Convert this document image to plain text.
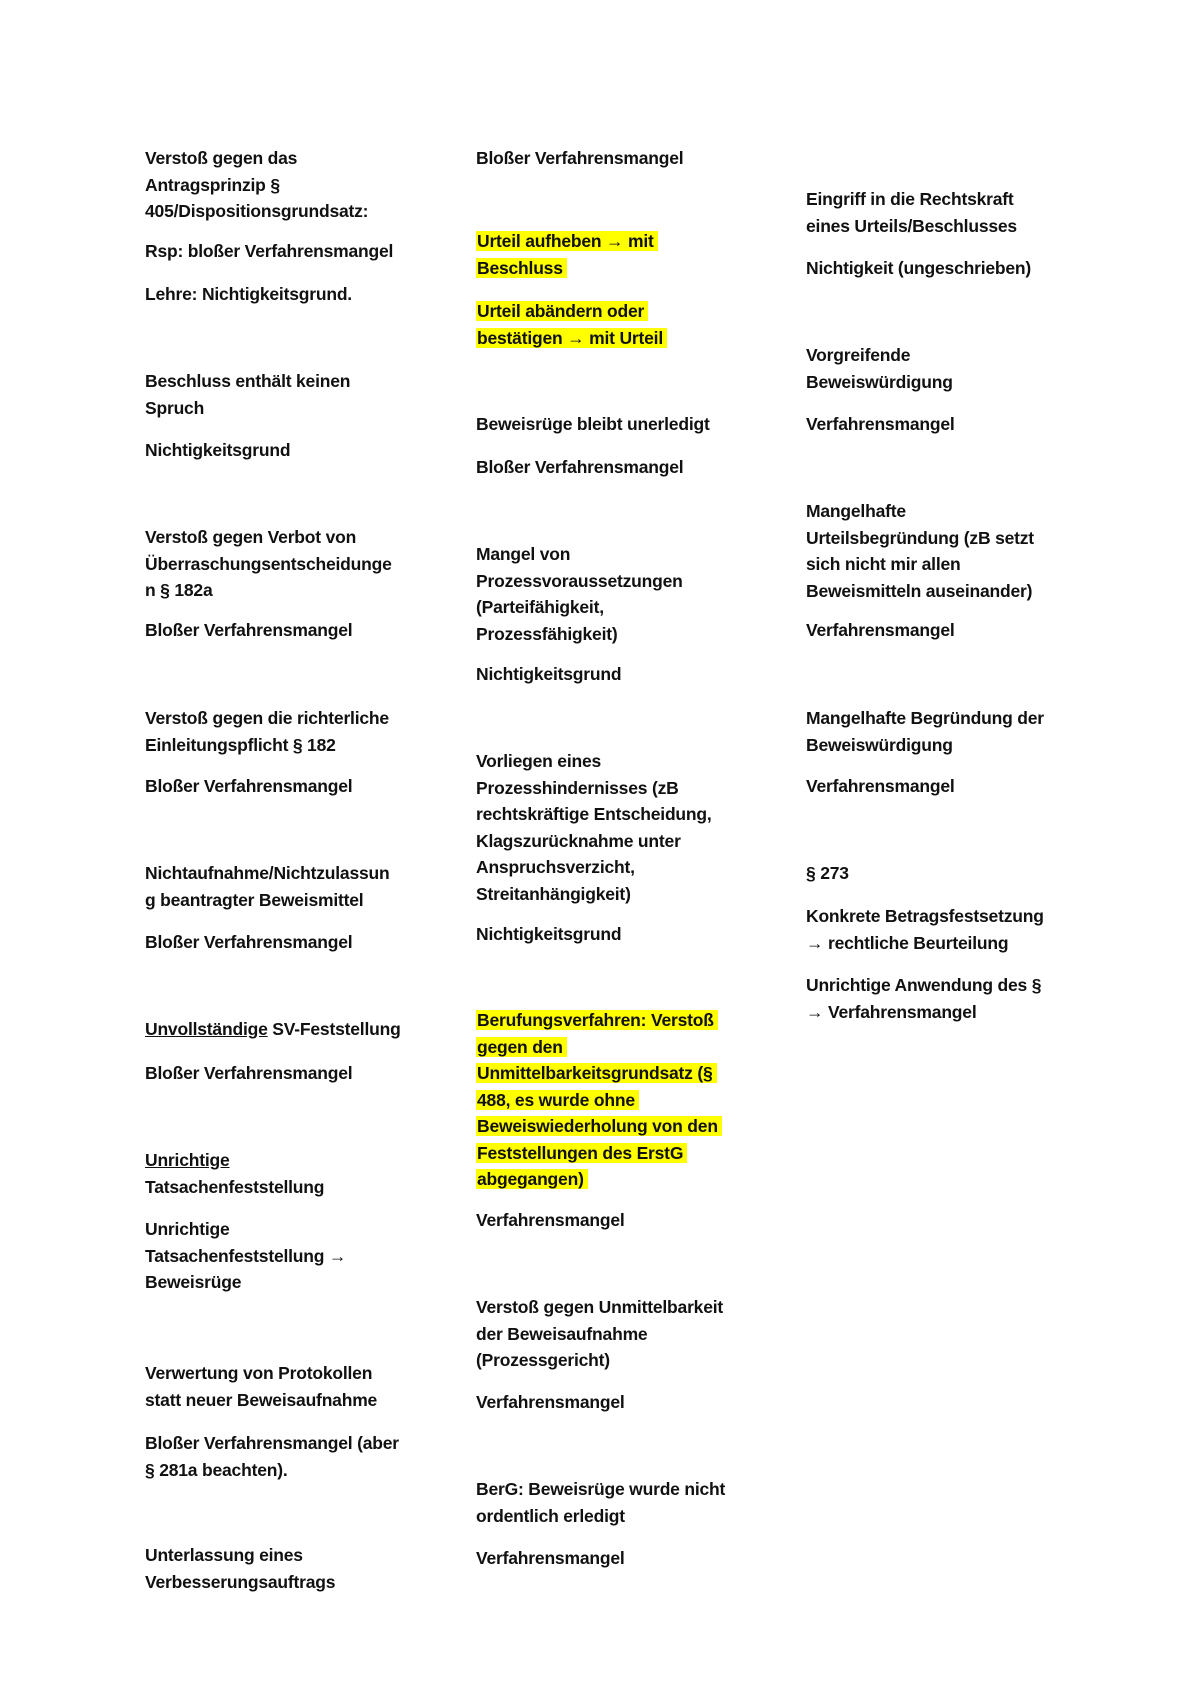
Verstoß gegen das
Antragsprinzip §
405/Dispositionsgrundsatz:

Rsp: bloßer Verfahrensmangel

Lehre: Nichtigkeitsgrund.

Beschluss enthält keinen
Spruch

Nichtigkeitsgrund

Verstoß gegen Verbot von
Überraschungsentscheidunge
n § 182a

Bloßer Verfahrensmangel

Verstoß gegen die richterliche
Einleitungspflicht § 182

Bloßer Verfahrensmangel

Nichtaufnahme/Nichtzulassun
g beantragter Beweismittel

Bloßer Verfahrensmangel

Unvollständige SV-Feststellung

Bloßer Verfahrensmangel

Unrichtige
Tatsachenfeststellung

Unrichtige
Tatsachenfeststellung →
Beweisrüge

Verwertung von Protokollen
statt neuer Beweisaufnahme

Bloßer Verfahrensmangel (aber
§ 281a beachten).

Unterlassung eines
Verbesserungsauftrags

Bloßer Verfahrensmangel

Urteil aufheben → mit
Beschluss

Urteil abändern oder
bestätigen → mit Urteil

Beweisrüge bleibt unerledigt

Bloßer Verfahrensmangel

Mangel von
Prozessvoraussetzungen
(Parteifähigkeit,
Prozessfähigkeit)

Nichtigkeitsgrund

Vorliegen eines
Prozesshindernisses (zB
rechtskräftige Entscheidung,
Klagszurücknahme unter
Anspruchsverzicht,
Streitanhängigkeit)

Nichtigkeitsgrund

Berufungsverfahren: Verstoß
gegen den
Unmittelbarkeitsgrundsatz (§
488, es wurde ohne
Beweiswiederholung von den
Feststellungen des ErstG
abgegangen)

Verfahrensmangel

Verstoß gegen Unmittelbarkeit
der Beweisaufnahme
(Prozessgericht)

Verfahrensmangel

BerG: Beweisrüge wurde nicht
ordentlich erledigt

Verfahrensmangel

Eingriff in die Rechtskraft
eines Urteils/Beschlusses

Nichtigkeit (ungeschrieben)

Vorgreifende
Beweiswürdigung

Verfahrensmangel

Mangelhafte
Urteilsbegründung (zB setzt
sich nicht mir allen
Beweismitteln auseinander)

Verfahrensmangel

Mangelhafte Begründung der
Beweiswürdigung

Verfahrensmangel

§ 273

Konkrete Betragsfestsetzung
→ rechtliche Beurteilung

Unrichtige Anwendung des §
→ Verfahrensmangel
